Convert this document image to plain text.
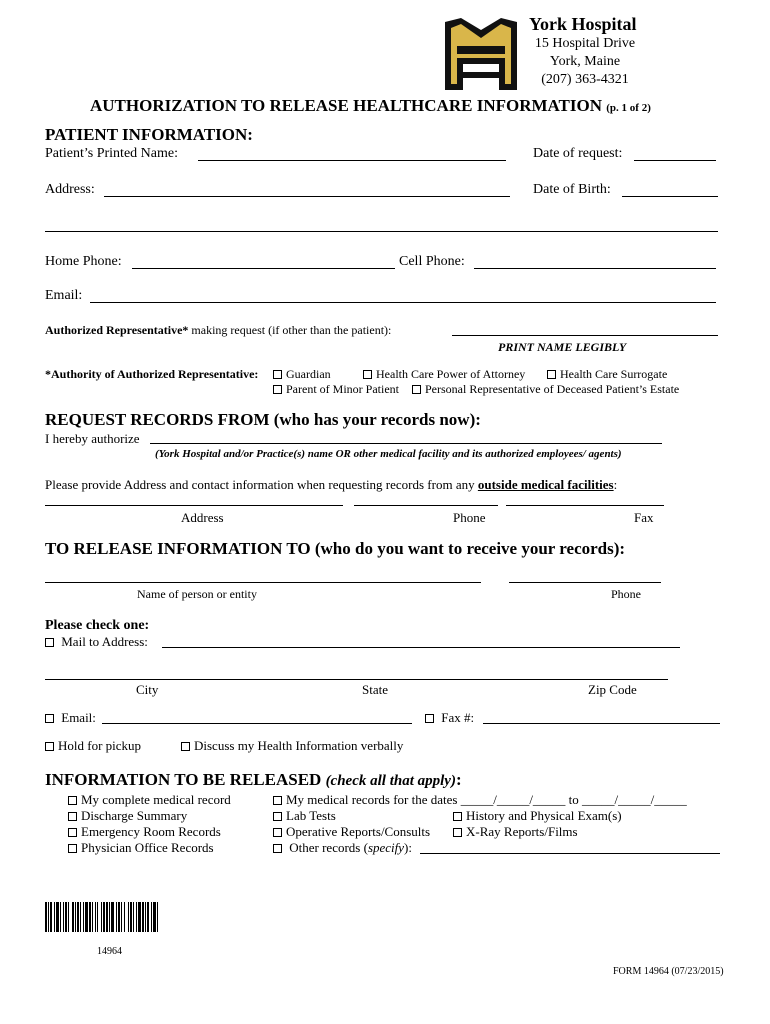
York Hospital
15 Hospital Drive
York, Maine
(207) 363-4321
AUTHORIZATION TO RELEASE HEALTHCARE INFORMATION (p. 1 of 2)
PATIENT INFORMATION:
Patient’s Printed Name:	Date of request:
Address:	Date of Birth:
Home Phone:	Cell Phone:
Email:
Authorized Representative* making request (if other than the patient):
PRINT NAME LEGIBLY
*Authority of Authorized Representative:	Guardian	Health Care Power of Attorney	Health Care Surrogate
Parent of Minor Patient	Personal Representative of Deceased Patient’s Estate
REQUEST RECORDS FROM (who has your records now):
I hereby authorize
(York Hospital and/or Practice(s) name OR other medical facility and its authorized employees/ agents)
Please provide Address and contact information when requesting records from any outside medical facilities:
Address	Phone	Fax
TO RELEASE INFORMATION TO (who do you want to receive your records):
Name of person or entity	Phone
Please check one:
Mail to Address:
City	State	Zip Code
Email:	Fax #:
Hold for pickup	Discuss my Health Information verbally
INFORMATION TO BE RELEASED (check all that apply):
My complete medical record	My medical records for the dates _____/_____/_____ to _____/_____/_____
Discharge Summary	Lab Tests	History and Physical Exam(s)
Emergency Room Records	Operative Reports/Consults	X-Ray Reports/Films
Physician Office Records	Other records (specify):
14964
FORM 14964 (07/23/2015)
